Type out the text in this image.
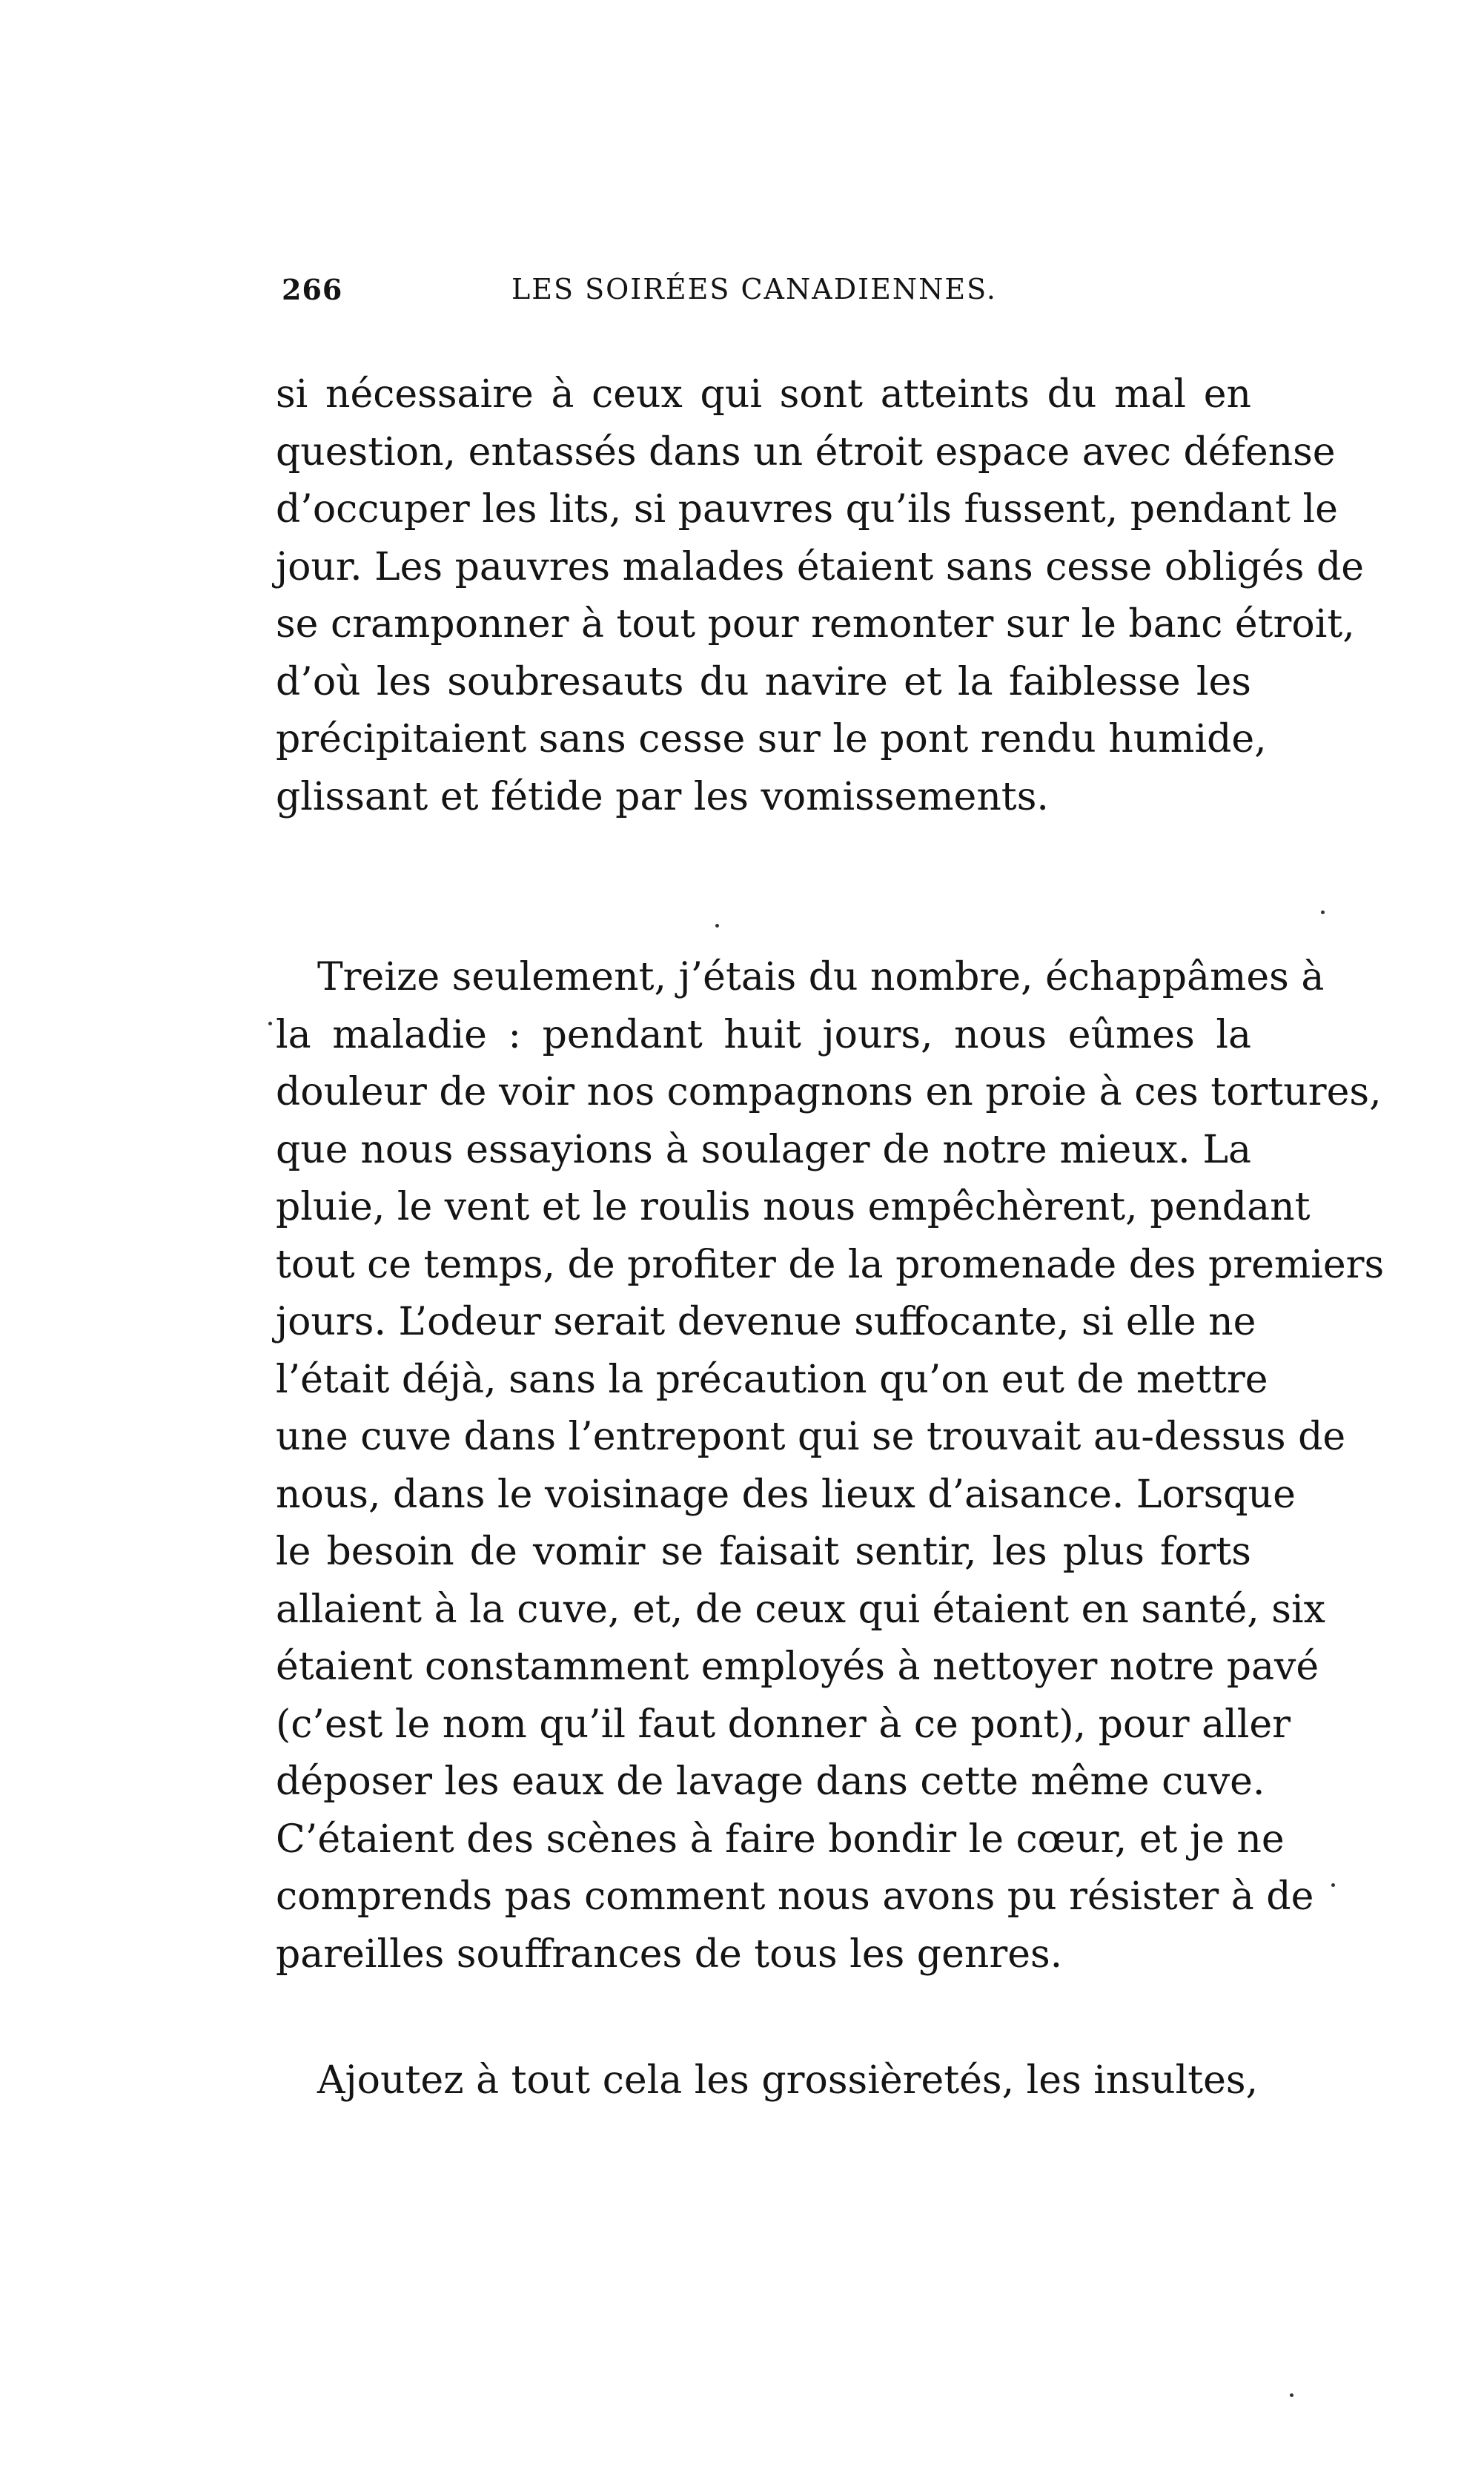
266	LES SOIRÉES CANADIENNES.
si nécessaire à ceux qui sont atteints du mal en
question, entassés dans un étroit espace avec défense
d’occuper les lits, si pauvres qu’ils fussent, pendant le
jour. Les pauvres malades étaient sans cesse obligés de
se cramponner à tout pour remonter sur le banc étroit,
d’où les soubresauts du navire et la faiblesse les
précipitaient sans cesse sur le pont rendu humide,
glissant et fétide par les vomissements.
Treize seulement, j’étais du nombre, échappâmes à
la maladie : pendant huit jours, nous eûmes la
douleur de voir nos compagnons en proie à ces tortures,
que nous essayions à soulager de notre mieux. La
pluie, le vent et le roulis nous empêchèrent, pendant
tout ce temps, de profiter de la promenade des premiers
jours. L’odeur serait devenue suffocante, si elle ne
l’était déjà, sans la précaution qu’on eut de mettre
une cuve dans l’entrepont qui se trouvait au-dessus de
nous, dans le voisinage des lieux d’aisance. Lorsque
le besoin de vomir se faisait sentir, les plus forts
allaient à la cuve, et, de ceux qui étaient en santé, six
étaient constamment employés à nettoyer notre pavé
(c’est le nom qu’il faut donner à ce pont), pour aller
déposer les eaux de lavage dans cette même cuve.
C’étaient des scènes à faire bondir le cœur, et je ne
comprends pas comment nous avons pu résister à de
pareilles souffrances de tous les genres.
Ajoutez à tout cela les grossièretés, les insultes,
